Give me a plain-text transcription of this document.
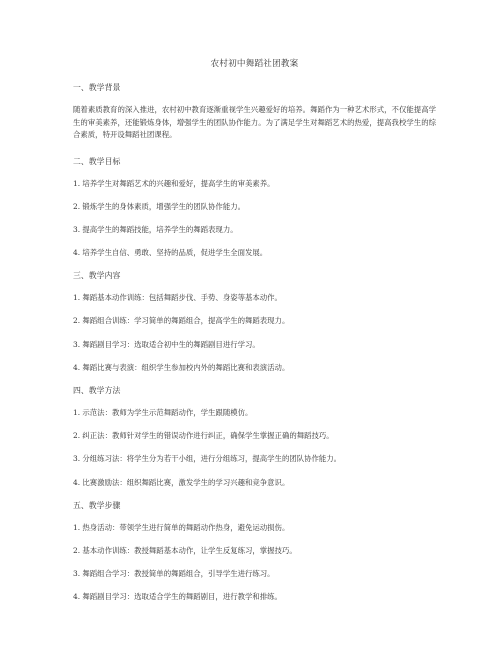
农村初中舞蹈社团教案
一、教学背景
随着素质教育的深入推进，农村初中教育逐渐重视学生兴趣爱好的培养。舞蹈作为一种艺术形式，不仅能提高学生的审美素养，还能锻炼身体，增强学生的团队协作能力。为了满足学生对舞蹈艺术的热爱，提高我校学生的综合素质，特开设舞蹈社团课程。
二、教学目标
1. 培养学生对舞蹈艺术的兴趣和爱好，提高学生的审美素养。
2. 锻炼学生的身体素质，增强学生的团队协作能力。
3. 提高学生的舞蹈技能，培养学生的舞蹈表现力。
4. 培养学生自信、勇敢、坚持的品质，促进学生全面发展。
三、教学内容
1. 舞蹈基本动作训练：包括舞蹈步伐、手势、身姿等基本动作。
2. 舞蹈组合训练：学习简单的舞蹈组合，提高学生的舞蹈表现力。
3. 舞蹈剧目学习：选取适合初中生的舞蹈剧目进行学习。
4. 舞蹈比赛与表演：组织学生参加校内外的舞蹈比赛和表演活动。
四、教学方法
1. 示范法：教师为学生示范舞蹈动作，学生跟随模仿。
2. 纠正法：教师针对学生的错误动作进行纠正，确保学生掌握正确的舞蹈技巧。
3. 分组练习法：将学生分为若干小组，进行分组练习，提高学生的团队协作能力。
4. 比赛激励法：组织舞蹈比赛，激发学生的学习兴趣和竞争意识。
五、教学步骤
1. 热身活动：带领学生进行简单的舞蹈动作热身，避免运动损伤。
2. 基本动作训练：教授舞蹈基本动作，让学生反复练习，掌握技巧。
3. 舞蹈组合学习：教授简单的舞蹈组合，引导学生进行练习。
4. 舞蹈剧目学习：选取适合学生的舞蹈剧目，进行教学和排练。
